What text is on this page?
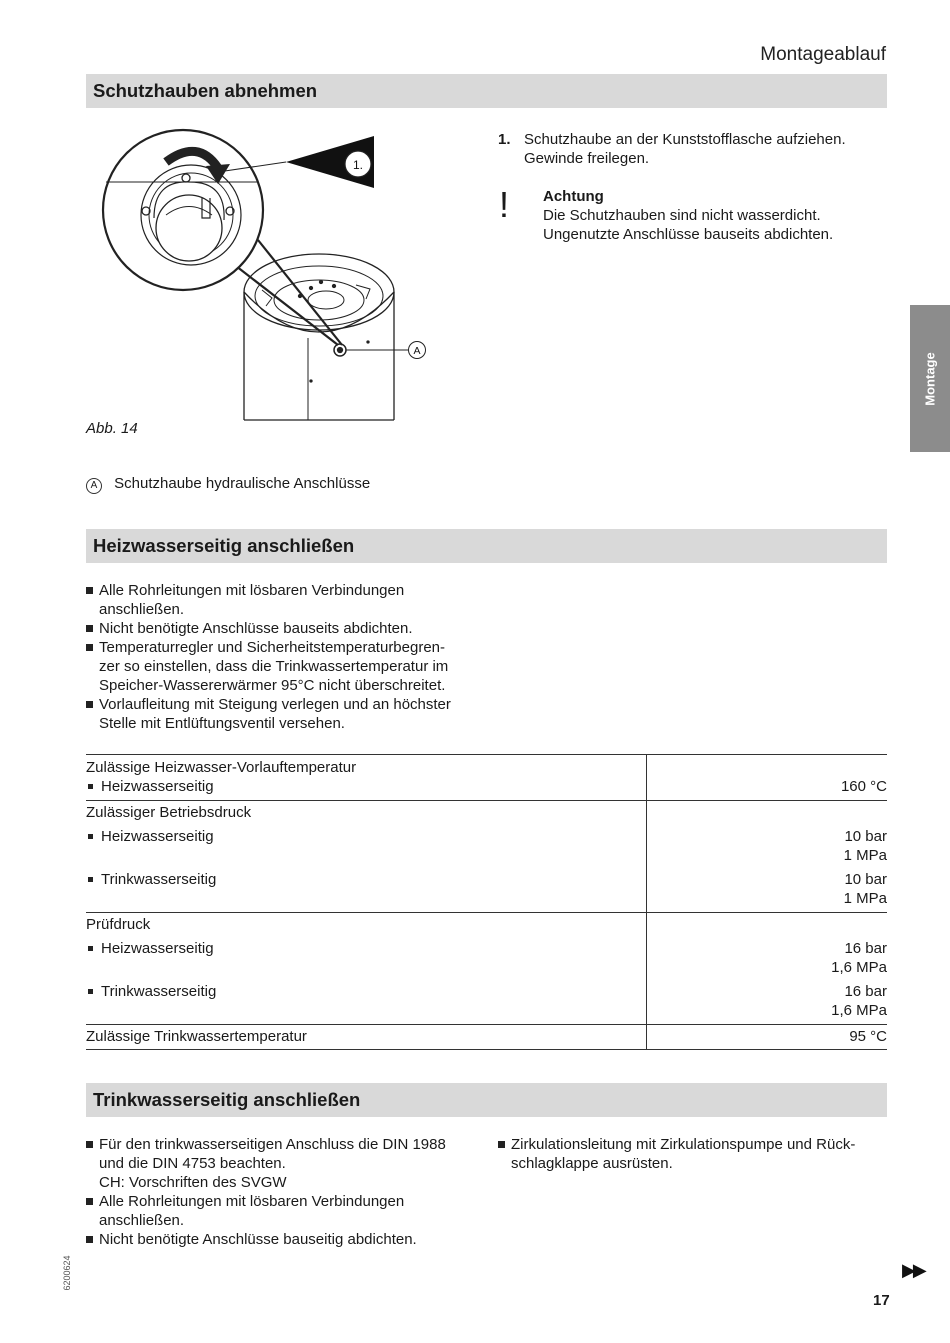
Montageablauf
Montage
Schutzhauben abnehmen
1.
A
Abb. 14
A Schutzhaube hydraulische Anschlüsse
1. Schutzhaube an der Kunststofflasche aufziehen.
Gewinde freilegen.
! Achtung
Die Schutzhauben sind nicht wasserdicht.
Ungenutzte Anschlüsse bauseits abdichten.
Heizwasserseitig anschließen
Alle Rohrleitungen mit lösbaren Verbindungen
anschließen.
Nicht benötigte Anschlüsse bauseits abdichten.
Temperaturregler und Sicherheitstemperaturbegren-
zer so einstellen, dass die Trinkwassertemperatur im
Speicher-Wassererwärmer 95°C nicht überschreitet.
Vorlaufleitung mit Steigung verlegen und an höchster
Stelle mit Entlüftungsventil versehen.
Zulässige Heizwasser-Vorlauftemperatur	
Heizwasserseitig	160 °C

Zulässiger Betriebsdruck	
Heizwasserseitig	10 bar
1 MPa

Trinkwasserseitig	10 bar
1 MPa

Prüfdruck	
Heizwasserseitig	16 bar
1,6 MPa

Trinkwasserseitig	16 bar
1,6 MPa

Zulässige Trinkwassertemperatur	95 °C
Trinkwasserseitig anschließen
Für den trinkwasserseitigen Anschluss die DIN 1988
und die DIN 4753 beachten.
CH: Vorschriften des SVGW
Alle Rohrleitungen mit lösbaren Verbindungen
anschließen.
Nicht benötigte Anschlüsse bauseitig abdichten.
Zirkulationsleitung mit Zirkulationspumpe und Rück-
schlagklappe ausrüsten.
6200624	▶▶
17
